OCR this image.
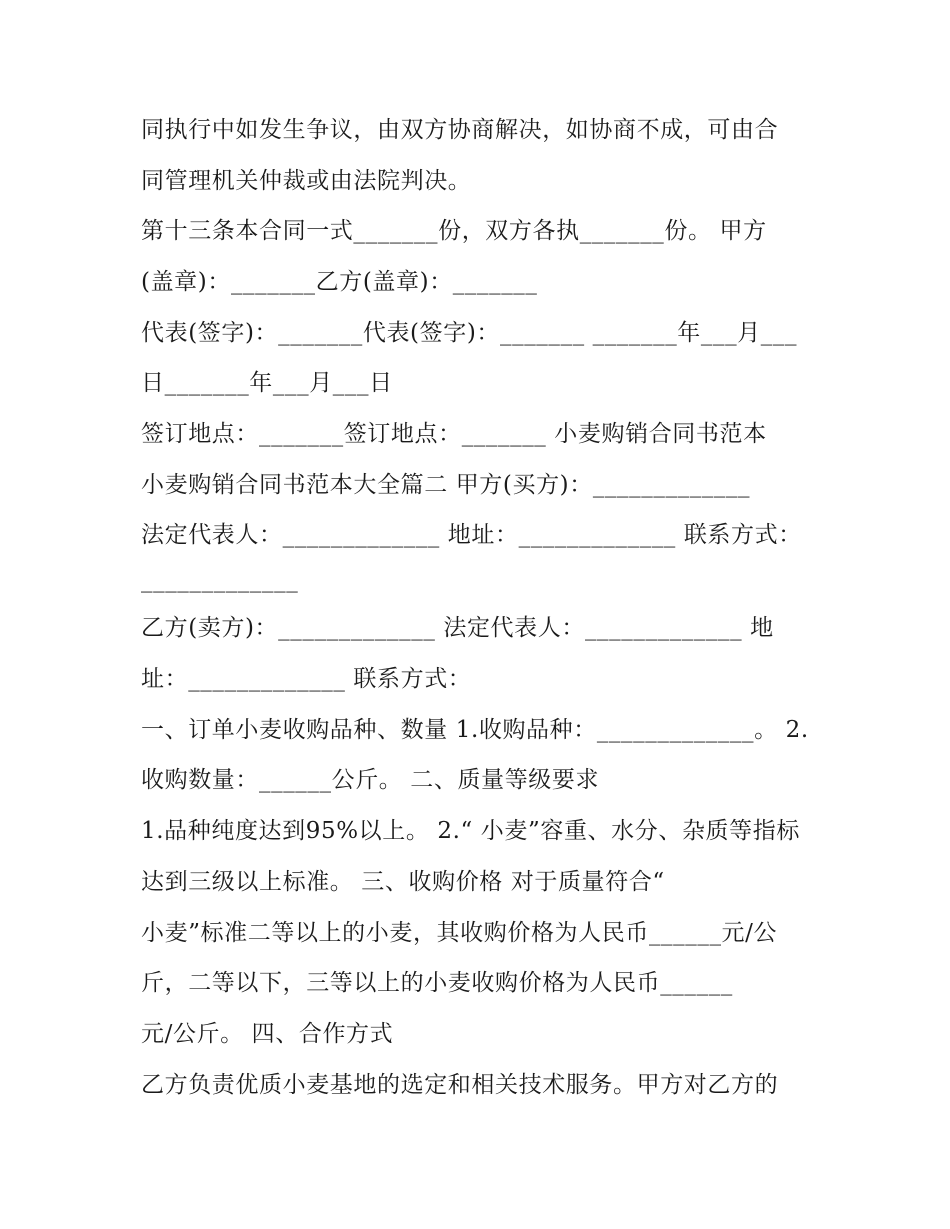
同执行中如发生争议，由双方协商解决，如协商不成，可由合
同管理机关仲裁或由法院判决。
第十三条本合同一式_______份，双方各执_______份。 甲方
(盖章)：_______乙方(盖章)：_______
代表(签字)：_______代表(签字)：_______ _______年___月___
日_______年___月___日
签订地点：_______签订地点：_______ 小麦购销合同书范本
小麦购销合同书范本大全篇二 甲方(买方)：_____________
法定代表人：_____________ 地址：_____________ 联系方式：
_____________
乙方(卖方)：_____________ 法定代表人：_____________ 地
址：_____________ 联系方式：
一、订单小麦收购品种、数量 1.收购品种：_____________。 2.
收购数量：______公斤。 二、质量等级要求
1.品种纯度达到95%以上。 2.“ 小麦”容重、水分、杂质等指标
达到三级以上标准。 三、收购价格 对于质量符合“
小麦”标准二等以上的小麦，其收购价格为人民币______元/公
斤，二等以下，三等以上的小麦收购价格为人民币______
元/公斤。 四、合作方式
乙方负责优质小麦基地的选定和相关技术服务。甲方对乙方的
